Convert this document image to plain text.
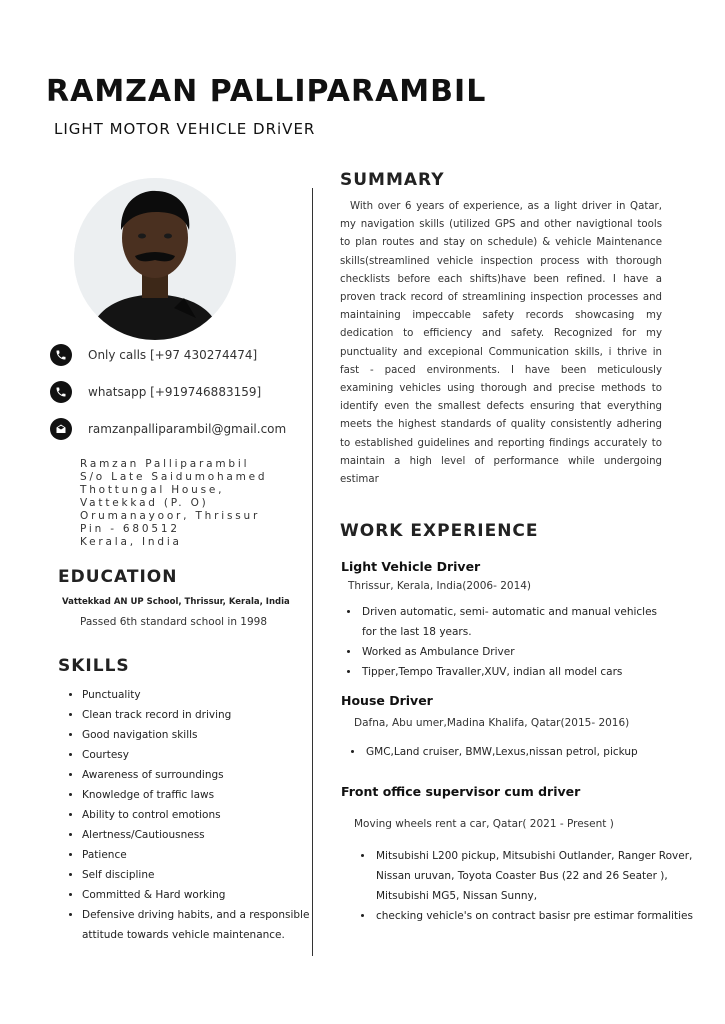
RAMZAN PALLIPARAMBIL
LIGHT MOTOR VEHICLE DRiVER
Only calls [+97 430274474]
whatsapp [+919746883159]
ramzanpalliparambil@gmail.com
Ramzan Palliparambil
S/o Late Saidumohamed
Thottungal House,
Vattekkad (P. O)
Orumanayoor, Thrissur
Pin - 680512
Kerala, India
EDUCATION
Vattekkad AN UP School, Thrissur, Kerala, India
Passed 6th standard school in 1998
SKILLS
• Punctuality
• Clean track record in driving
• Good navigation skills
• Courtesy
• Awareness of surroundings
• Knowledge of traffic laws
• Ability to control emotions
• Alertness/Cautiousness
• Patience
• Self discipline
• Committed & Hard working
• Defensive driving habits, and a responsible attitude towards vehicle maintenance.
SUMMARY
With over 6 years of experience, as a light driver in Qatar, my navigation skills (utilized GPS and other navigtional tools to plan routes and stay on schedule) & vehicle Maintenance skills(streamlined vehicle inspection process with thorough checklists before each shifts)have been refined. I have a proven track record of streamlining inspection processes and maintaining impeccable safety records showcasing my dedication to efficiency and safety. Recognized for my punctuality and excepional Communication skills, i thrive in fast - paced environments. I have been meticulously examining vehicles using thorough and precise methods to identify even the smallest defects ensuring that everything meets the highest standards of quality consistently adhering to established guidelines and reporting findings accurately to maintain a high level of performance while undergoing estimar
WORK EXPERIENCE
Light Vehicle Driver
Thrissur, Kerala, India(2006- 2014)
• Driven automatic, semi- automatic and manual vehicles for the last 18 years.
• Worked as Ambulance Driver
• Tipper,Tempo Travaller,XUV, indian all model cars
House Driver
Dafna, Abu umer,Madina Khalifa, Qatar(2015- 2016)
• GMC,Land cruiser, BMW,Lexus,nissan petrol, pickup
Front office supervisor cum driver
Moving wheels rent a car, Qatar( 2021 - Present )
• Mitsubishi L200 pickup, Mitsubishi Outlander, Ranger Rover, Nissan uruvan, Toyota Coaster Bus (22 and 26 Seater ), Mitsubishi MG5, Nissan Sunny,
• checking vehicle's on contract basisr pre estimar formalities
